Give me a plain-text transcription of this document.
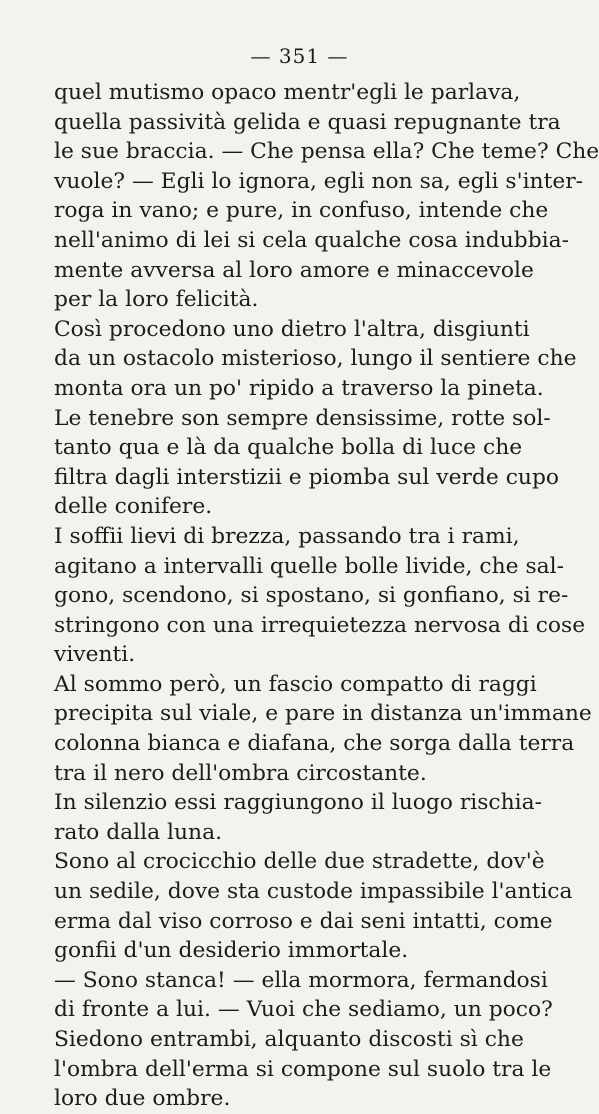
— 351 —
quel mutismo opaco mentr'egli le parlava,
quella passività gelida e quasi repugnante tra
le sue braccia. — Che pensa ella? Che teme? Che
vuole? — Egli lo ignora, egli non sa, egli s'inter-
roga in vano; e pure, in confuso, intende che
nell'animo di lei si cela qualche cosa indubbia-
mente avversa al loro amore e minaccevole
per la loro felicità.
Così procedono uno dietro l'altra, disgiunti
da un ostacolo misterioso, lungo il sentiere che
monta ora un po' ripido a traverso la pineta.
Le tenebre son sempre densissime, rotte sol-
tanto qua e là da qualche bolla di luce che
filtra dagli interstizii e piomba sul verde cupo
delle conifere.
I soffii lievi di brezza, passando tra i rami,
agitano a intervalli quelle bolle livide, che sal-
gono, scendono, si spostano, si gonfiano, si re-
stringono con una irrequietezza nervosa di cose
viventi.
Al sommo però, un fascio compatto di raggi
precipita sul viale, e pare in distanza un'immane
colonna bianca e diafana, che sorga dalla terra
tra il nero dell'ombra circostante.
In silenzio essi raggiungono il luogo rischia-
rato dalla luna.
Sono al crocicchio delle due stradette, dov'è
un sedile, dove sta custode impassibile l'antica
erma dal viso corroso e dai seni intatti, come
gonfii d'un desiderio immortale.
— Sono stanca! — ella mormora, fermandosi
di fronte a lui. — Vuoi che sediamo, un poco?
Siedono entrambi, alquanto discosti sì che
l'ombra dell'erma si compone sul suolo tra le
loro due ombre.
